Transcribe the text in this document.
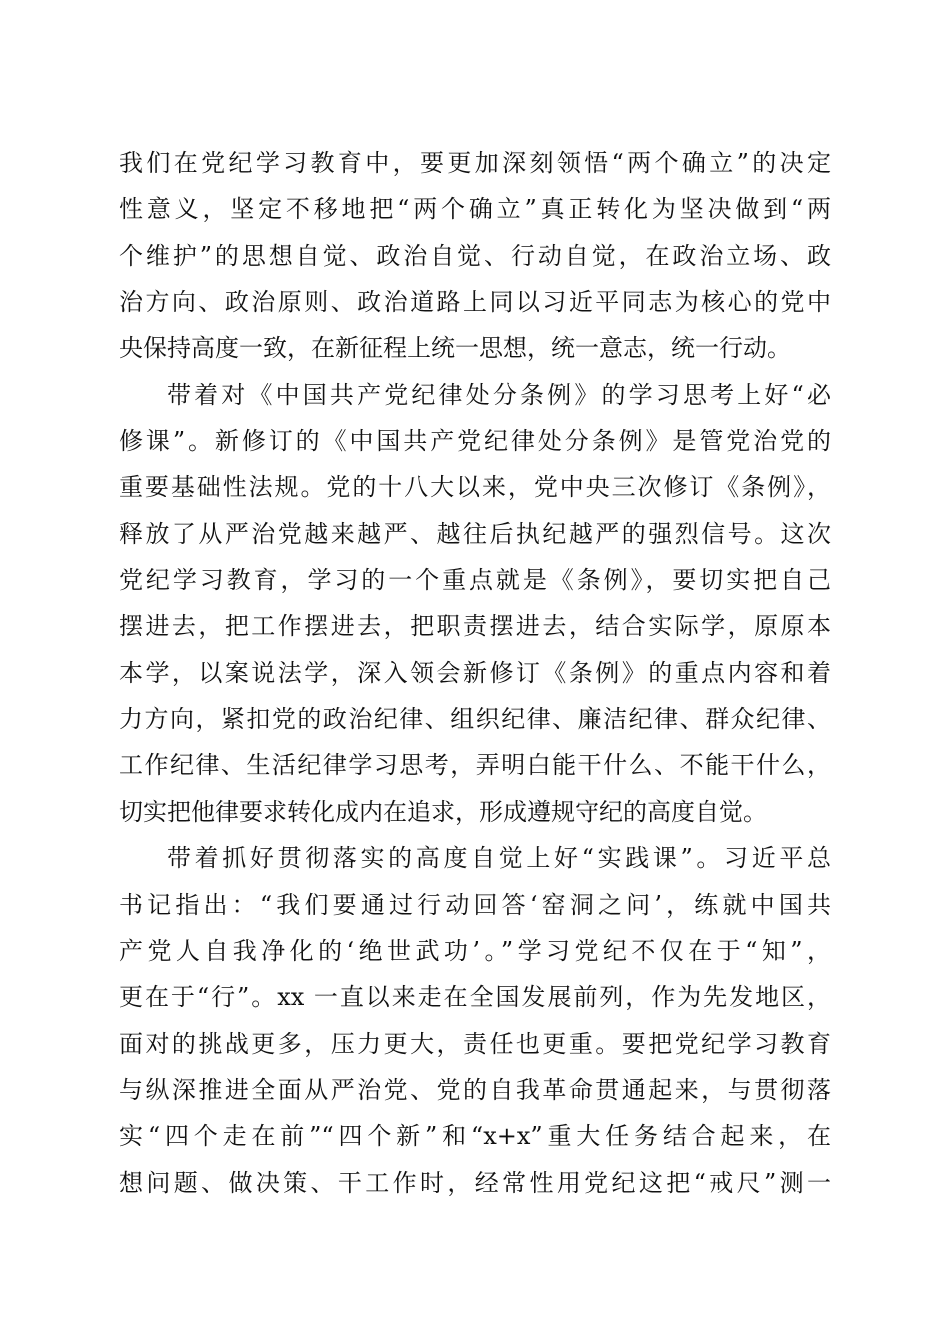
我们在党纪学习教育中，要更加深刻领悟“两个确立”的决定
性意义，坚定不移地把“两个确立”真正转化为坚决做到“两
个维护”的思想自觉、政治自觉、行动自觉，在政治立场、政
治方向、政治原则、政治道路上同以习近平同志为核心的党中
央保持高度一致，在新征程上统一思想，统一意志，统一行动。
带着对《中国共产党纪律处分条例》的学习思考上好“必
修课”。新修订的《中国共产党纪律处分条例》是管党治党的
重要基础性法规。党的十八大以来，党中央三次修订《条例》，
释放了从严治党越来越严、越往后执纪越严的强烈信号。这次
党纪学习教育，学习的一个重点就是《条例》，要切实把自己
摆进去，把工作摆进去，把职责摆进去，结合实际学，原原本
本学，以案说法学，深入领会新修订《条例》的重点内容和着
力方向，紧扣党的政治纪律、组织纪律、廉洁纪律、群众纪律、
工作纪律、生活纪律学习思考，弄明白能干什么、不能干什么，
切实把他律要求转化成内在追求，形成遵规守纪的高度自觉。
带着抓好贯彻落实的高度自觉上好“实践课”。习近平总
书记指出：“我们要通过行动回答‘窑洞之问’，练就中国共
产党人自我净化的‘绝世武功’。”学习党纪不仅在于“知”，
更在于“行”。xx 一直以来走在全国发展前列，作为先发地区，
面对的挑战更多，压力更大，责任也更重。要把党纪学习教育
与纵深推进全面从严治党、党的自我革命贯通起来，与贯彻落
实“四个走在前”“四个新”和“x+x”重大任务结合起来，在
想问题、做决策、干工作时，经常性用党纪这把“戒尺”测一
